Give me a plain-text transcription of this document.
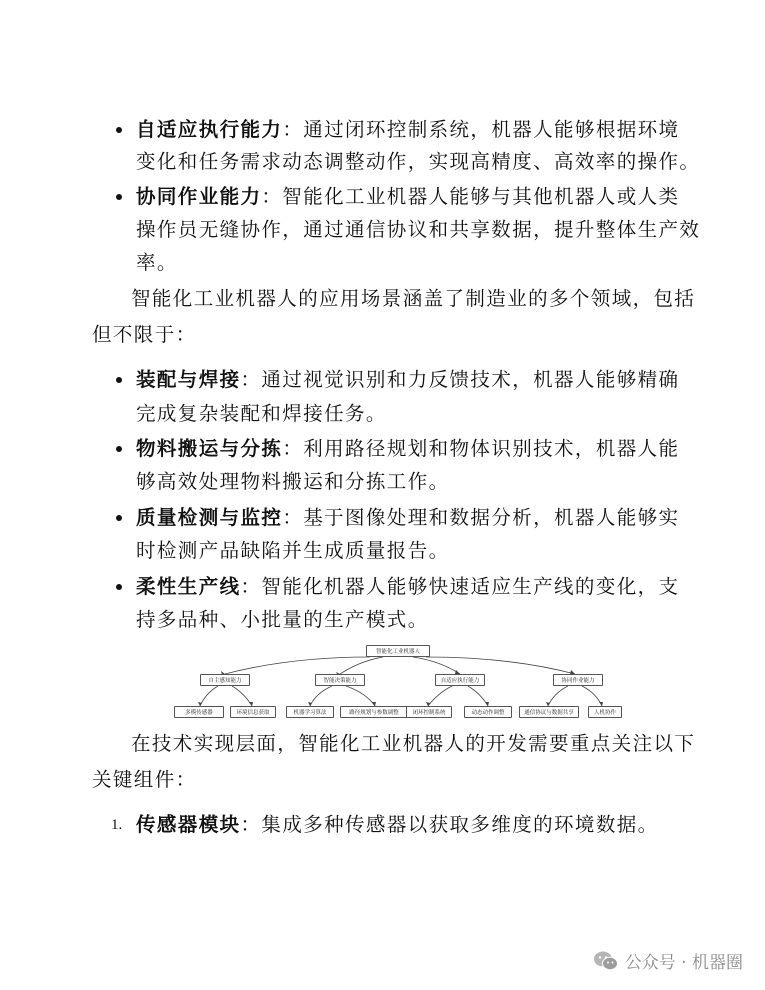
自适应执行能力：通过闭环控制系统，机器人能够根据环境
变化和任务需求动态调整动作，实现高精度、高效率的操作。
协同作业能力：智能化工业机器人能够与其他机器人或人类
操作员无缝协作，通过通信协议和共享数据，提升整体生产效
率。
智能化工业机器人的应用场景涵盖了制造业的多个领域，包括
但不限于：
装配与焊接：通过视觉识别和力反馈技术，机器人能够精确
完成复杂装配和焊接任务。
物料搬运与分拣：利用路径规划和物体识别技术，机器人能
够高效处理物料搬运和分拣工作。
质量检测与监控：基于图像处理和数据分析，机器人能够实
时检测产品缺陷并生成质量报告。
柔性生产线：智能化机器人能够快速适应生产线的变化，支
持多品种、小批量的生产模式。
智能化工业机器人
自主感知能力	智能决策能力	自适应执行能力	协同作业能力
多模传感器	环境信息获取	机器学习算法	路径规划与参数调整	闭环控制系统	动态动作调整	通信协议与数据共享	人机协作
在技术实现层面，智能化工业机器人的开发需要重点关注以下
关键组件：
1. 传感器模块：集成多种传感器以获取多维度的环境数据。
公众号 · 机器圈
